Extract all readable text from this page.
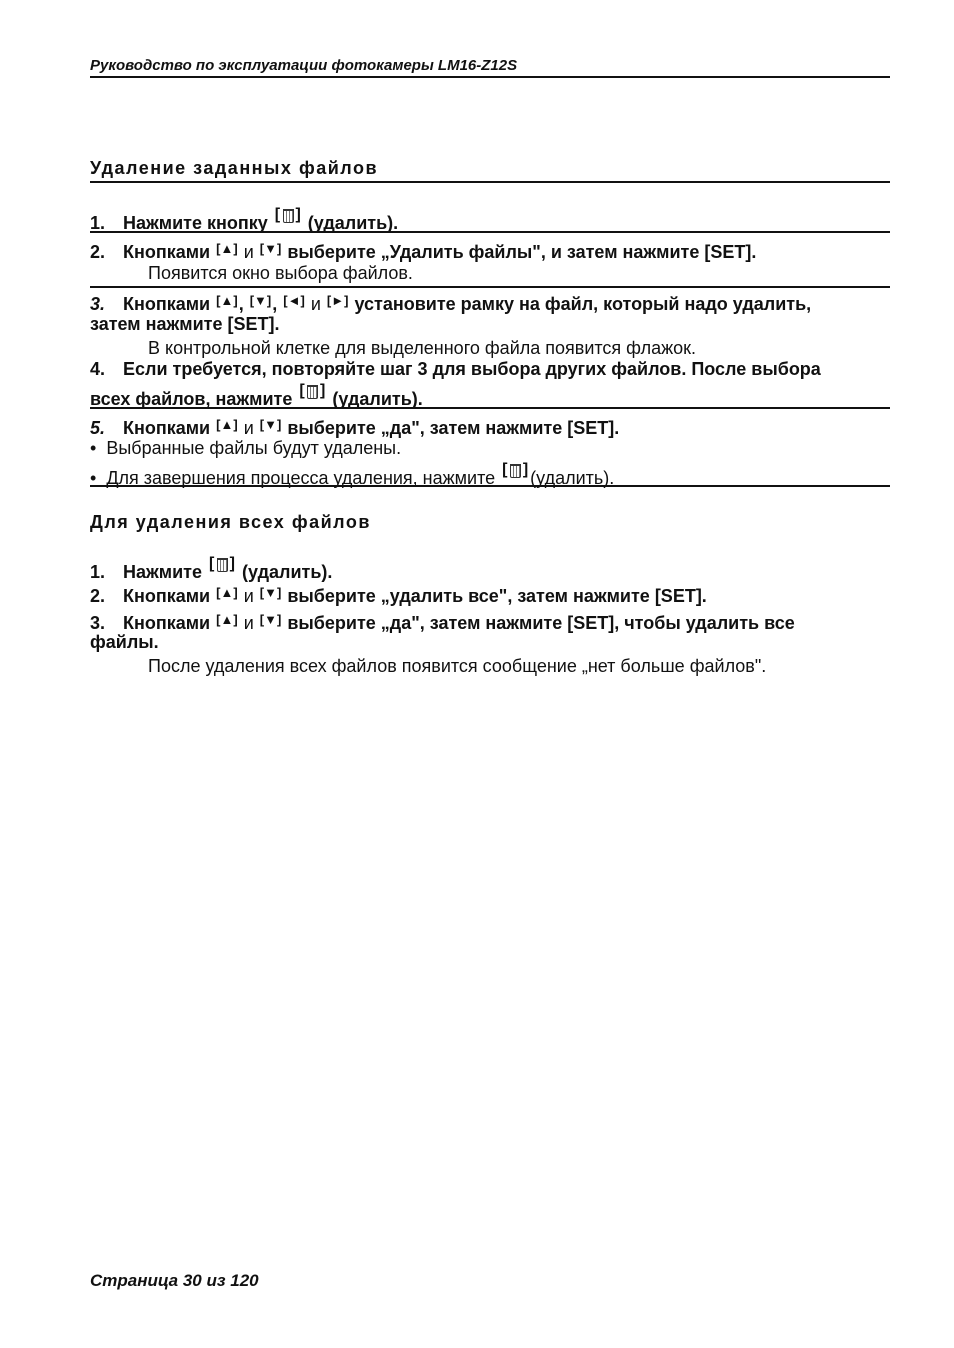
Руководство по эксплуатации фотокамеры LM16-Z12S
Удаление заданных файлов
1. Нажмите кнопку [
] (удалить).
2. Кнопками [▲] и [▼] выберите „Удалить файлы", и затем нажмите [SET].
Появится окно выбора файлов.
3. Кнопками [▲], [▼], [◄] и [►] установите рамку на файл, который надо удалить,
затем нажмите [SET].
В контрольной клетке для выделенного файла появится флажок.
4. Если требуется, повторяйте шаг 3 для выбора других файлов. После выбора
всех файлов, нажмите [
] (удалить).
5. Кнопками [▲] и [▼] выберите „да", затем нажмите [SET].
• Выбранные файлы будут удалены.
• Для завершения процесса удаления, нажмите [
] (удалить).
Для удаления всех файлов
1. Нажмите [
] (удалить).
2. Кнопками [▲] и [▼] выберите „удалить все", затем нажмите [SET].
3. Кнопками [▲] и [▼] выберите „да", затем нажмите [SET], чтобы удалить все
файлы.
После удаления всех файлов появится сообщение „нет больше файлов".
Страница 30 из 120
